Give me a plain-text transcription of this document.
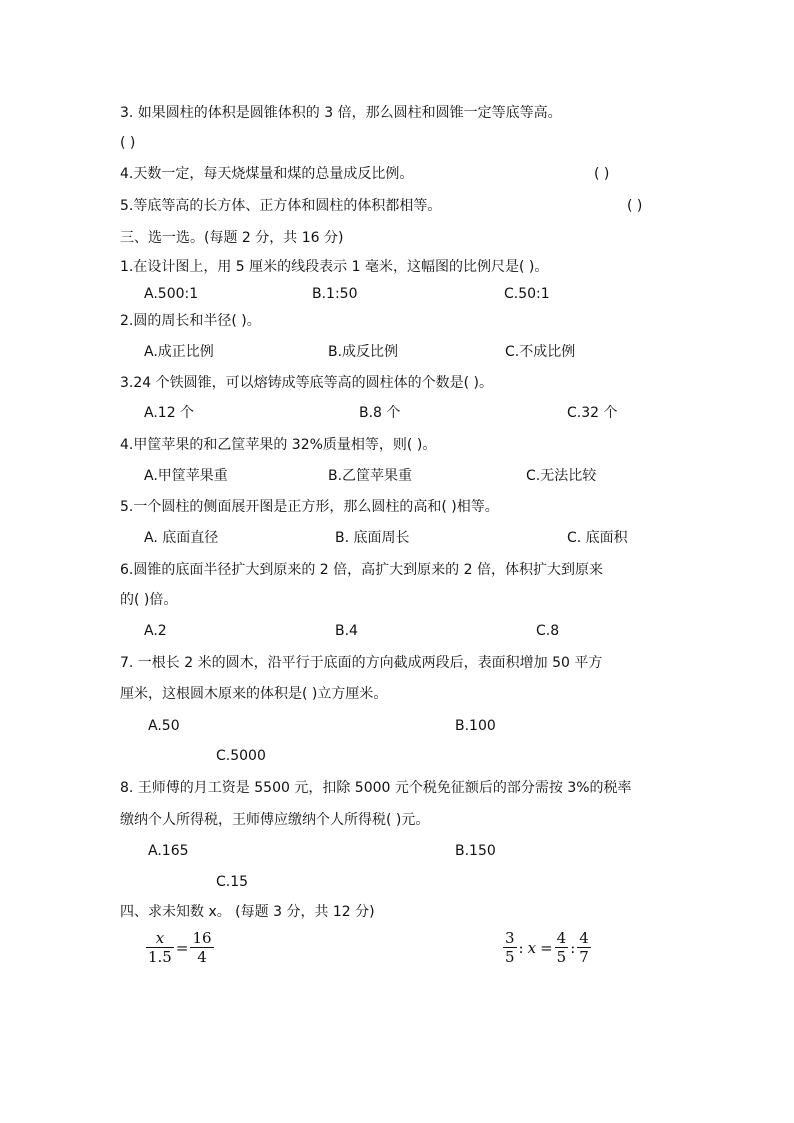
3. 如果圆柱的体积是圆锥体积的 3 倍，那么圆柱和圆锥一定等底等高。
( )
4.天数一定，每天烧煤量和煤的总量成反比例。	( )
5.等底等高的长方体、正方体和圆柱的体积都相等。	( )
三、选一选。(每题 2 分，共 16 分)
1.在设计图上，用 5 厘米的线段表示 1 毫米，这幅图的比例尺是( )。
A.500:1	B.1:50	C.50:1
2.圆的周长和半径( )。
A.成正比例	B.成反比例	C.不成比例
3.24 个铁圆锥，可以熔铸成等底等高的圆柱体的个数是( )。
A.12 个	B.8 个	C.32 个
4.甲筐苹果的和乙筐苹果的 32%质量相等，则( )。
A.甲筐苹果重	B.乙筐苹果重	C.无法比较
5.一个圆柱的侧面展开图是正方形，那么圆柱的高和( )相等。
A. 底面直径	B. 底面周长	C. 底面积
6.圆锥的底面半径扩大到原来的 2 倍，高扩大到原来的 2 倍，体积扩大到原来
的( )倍。
A.2	B.4	C.8
7. 一根长 2 米的圆木，沿平行于底面的方向截成两段后，表面积增加 50 平方
厘米，这根圆木原来的体积是( )立方厘米。
A.50	B.100
C.5000
8. 王师傅的月工资是 5500 元，扣除 5000 元个税免征额后的部分需按 3%的税率
缴纳个人所得税，王师傅应缴纳个人所得税( )元。
A.165	B.150
C.15
四、求未知数 x。 (每题 3 分，共 12 分)
$\frac{x}{1.5} = \frac{16}{4}$	$\frac{3}{5}$ : $x = \frac{4}{5}$ : $\frac{4}{7}$
